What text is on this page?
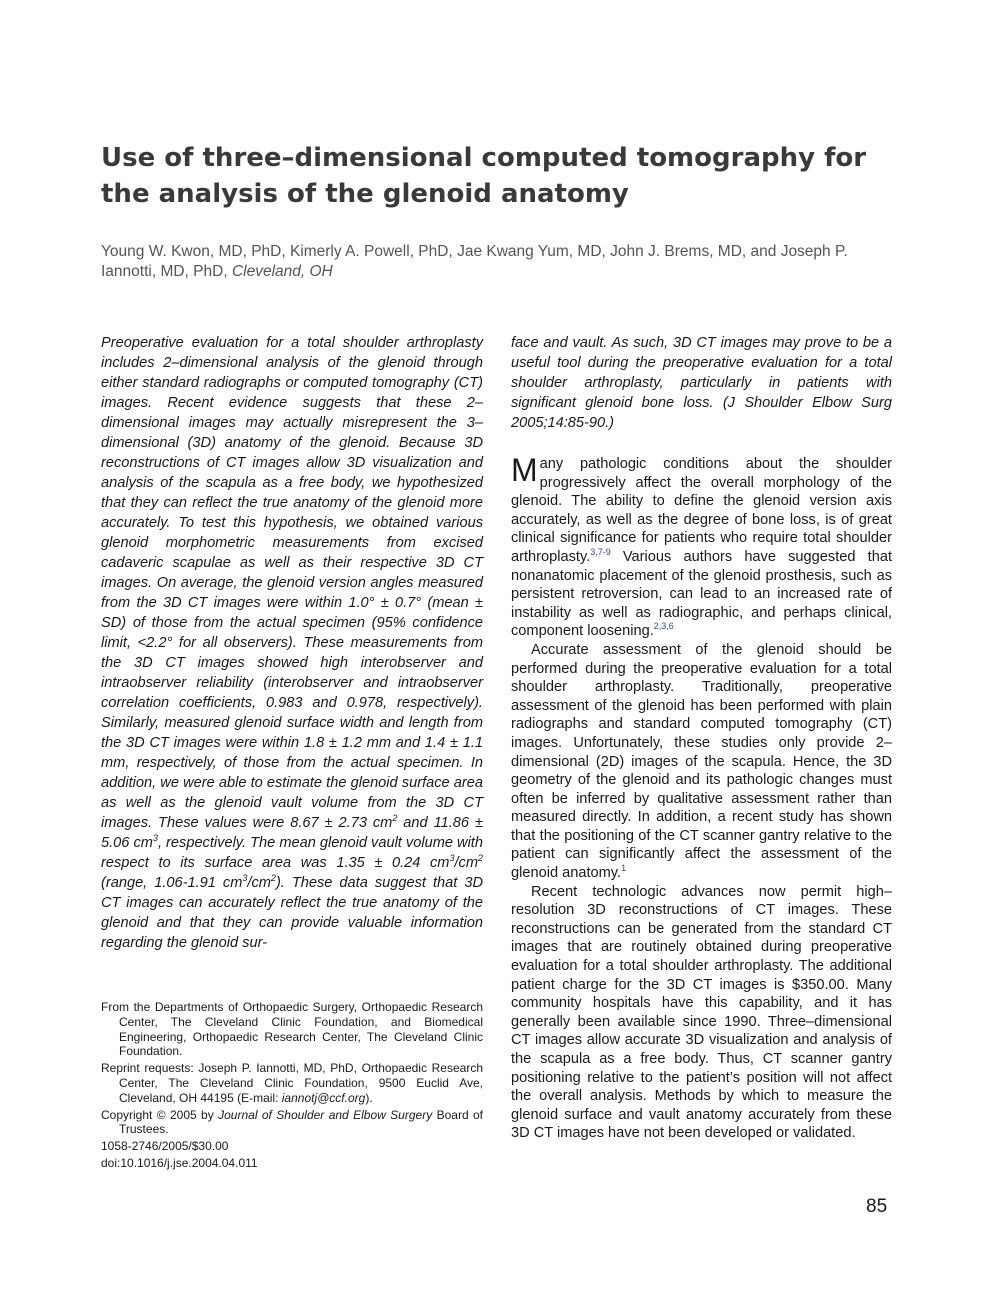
Use of three–dimensional computed tomography for the analysis of the glenoid anatomy
Young W. Kwon, MD, PhD, Kimerly A. Powell, PhD, Jae Kwang Yum, MD, John J. Brems, MD, and Joseph P. Iannotti, MD, PhD, Cleveland, OH

Preoperative evaluation for a total shoulder arthroplasty includes 2–dimensional analysis of the glenoid through either standard radiographs or computed tomography (CT) images. Recent evidence suggests that these 2–dimensional images may actually misrepresent the 3–dimensional (3D) anatomy of the glenoid. Because 3D reconstructions of CT images allow 3D visualization and analysis of the scapula as a free body, we hypothesized that they can reflect the true anatomy of the glenoid more accurately. To test this hypothesis, we obtained various glenoid morphometric measurements from excised cadaveric scapulae as well as their respective 3D CT images. On average, the glenoid version angles measured from the 3D CT images were within 1.0° ± 0.7° (mean ± SD) of those from the actual specimen (95% confidence limit, <2.2° for all observers). These measurements from the 3D CT images showed high interobserver and intraobserver reliability (interobserver and intraobserver correlation coefficients, 0.983 and 0.978, respectively). Similarly, measured glenoid surface width and length from the 3D CT images were within 1.8 ± 1.2 mm and 1.4 ± 1.1 mm, respectively, of those from the actual specimen. In addition, we were able to estimate the glenoid surface area as well as the glenoid vault volume from the 3D CT images. These values were 8.67 ± 2.73 $cm^2$ and 11.86 ± 5.06 $cm^3$, respectively. The mean glenoid vault volume with respect to its surface area was 1.35 ± 0.24 $cm^3/cm^2$ (range, 1.06-1.91 $cm^3/cm^2$). These data suggest that 3D CT images can accurately reflect the true anatomy of the glenoid and that they can provide valuable information regarding the glenoid sur-

From the Departments of Orthopaedic Surgery, Orthopaedic Research Center, The Cleveland Clinic Foundation, and Biomedical Engineering, Orthopaedic Research Center, The Cleveland Clinic Foundation.

Reprint requests: Joseph P. Iannotti, MD, PhD, Orthopaedic Research Center, The Cleveland Clinic Foundation, 9500 Euclid Ave, Cleveland, OH 44195 (E-mail: iannotj@ccf.org).

Copyright © 2005 by Journal of Shoulder and Elbow Surgery Board of Trustees.

1058-2746/2005/$30.00

doi:10.1016/j.jse.2004.04.011

face and vault. As such, 3D CT images may prove to be a useful tool during the preoperative evaluation for a total shoulder arthroplasty, particularly in patients with significant glenoid bone loss. (J Shoulder Elbow Surg 2005;14:85-90.)

Many pathologic conditions about the shoulder progressively affect the overall morphology of the glenoid. The ability to define the glenoid version axis accurately, as well as the degree of bone loss, is of great clinical significance for patients who require total shoulder arthroplasty.$^{3,7-9}$ Various authors have suggested that nonanatomic placement of the glenoid prosthesis, such as persistent retroversion, can lead to an increased rate of instability as well as radiographic, and perhaps clinical, component loosening.$^{2,3,6}$

Accurate assessment of the glenoid should be performed during the preoperative evaluation for a total shoulder arthroplasty. Traditionally, preoperative assessment of the glenoid has been performed with plain radiographs and standard computed tomography (CT) images. Unfortunately, these studies only provide 2–dimensional (2D) images of the scapula. Hence, the 3D geometry of the glenoid and its pathologic changes must often be inferred by qualitative assessment rather than measured directly. In addition, a recent study has shown that the positioning of the CT scanner gantry relative to the patient can significantly affect the assessment of the glenoid anatomy.$^1$

Recent technologic advances now permit high–resolution 3D reconstructions of CT images. These reconstructions can be generated from the standard CT images that are routinely obtained during preoperative evaluation for a total shoulder arthroplasty. The additional patient charge for the 3D CT images is $350.00. Many community hospitals have this capability, and it has generally been available since 1990. Three–dimensional CT images allow accurate 3D visualization and analysis of the scapula as a free body. Thus, CT scanner gantry positioning relative to the patient’s position will not affect the overall analysis. Methods by which to measure the glenoid surface and vault anatomy accurately from these 3D CT images have not been developed or validated.

85
